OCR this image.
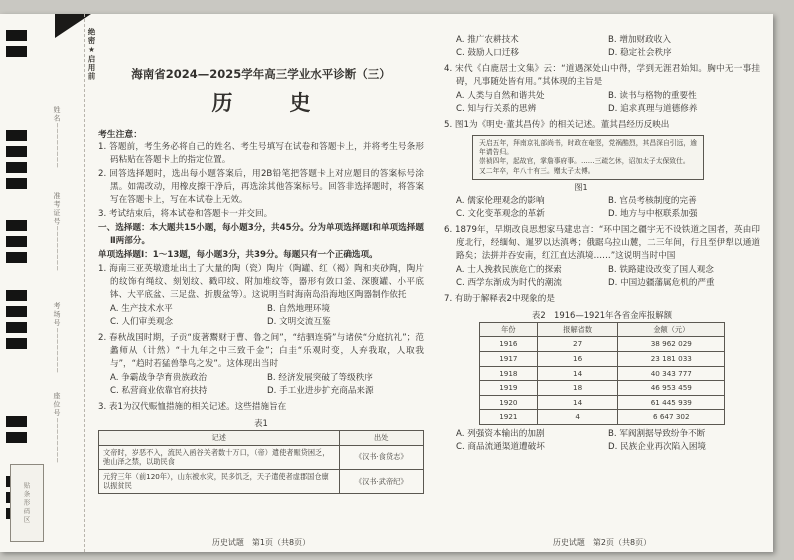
姓名 ────────
准考证号 ────────
考场号 ────────
座位号 ────────
贴条形码区
绝密★启用前	海南省2024—2025学年高三学业水平诊断（三）
历　史
考生注意：

1. 答题前，考生务必将自己的姓名、考生号填写在试卷和答题卡上，并将考生号条形码粘贴在答题卡上的指定位置。

2. 回答选择题时，选出每小题答案后，用2B铅笔把答题卡上对应题目的答案标号涂黑。如需改动，用橡皮擦干净后，再选涂其他答案标号。回答非选择题时，将答案写在答题卡上，写在本试卷上无效。

3. 考试结束后，将本试卷和答题卡一并交回。

一、选择题：本大题共15小题，每小题3分，共45分。分为单项选择题Ⅰ和单项选择题Ⅱ两部分。

单项选择题Ⅰ：1～13题，每小题3分，共39分。每题只有一个正确选项。

1. 海南三亚英墩遗址出土了大量的陶（瓷）陶片（陶罐、红（褐）陶和夹砂陶，陶片的纹饰有绳纹、刻划纹、戳印纹、附加堆纹等，器形有敛口釜、深腹罐、小平底钵、大平底盆、三足盘、折腹盆等）。这说明当时海南岛沿海地区陶器制作依托

A. 生产技术水平	B. 自然地理环境
C. 人们审美观念	D. 文明交流互鉴

2. 春秋战国时期，子贡“废著鬻财于曹、鲁之间”，“结驷连骑”与诸侯“分庭抗礼”；范蠡师从（计然）“十九年之中三致千金”；白圭“乐观时变，人弃我取，人取我与”，“趋时若猛兽挚鸟之发”。这体现出当时

A. 争霸战争孕育贵族政治	B. 经济发展突破了等级秩序
C. 私营商业依靠官府扶持	D. 手工业进步扩充商品来源

3. 表1为汉代赈恤措施的相关记述。这些措施旨在

表1
记述	出处
文帝时，岁恶不入，流民入函谷关者数十万口，（帝）遣使者赈贷困乏，弛山泽之禁，以助民食	《汉书·食货志》
元狩三年（前120年），山东被水灾，民多饥乏，天子遣使者虚郡国仓廪以振贫民	《汉书·武帝纪》
历史试题　第1页（共8页）
A. 推广农耕技术	B. 增加财政收入
C. 鼓励人口迁移	D. 稳定社会秩序

4. 宋代《白鹿居士文集》云：“道遇深处山中得，学到无涯君始知。胸中无一事挂碍，凡事随处皆有用。”其体现的主旨是

A. 人类与自然和谐共处	B. 读书与格物的重要性
C. 知与行关系的思辨	D. 追求真理与道德修养

5. 图1为《明史·董其昌传》的相关记述。董其昌经历反映出

天启五年，拜南京礼部尚书，时政在奄竖，党祸酷烈，其昌深自引远，逾年请告归。

崇祯四年，起故官，掌詹事府事。……三疏乞休，诏加太子太保致仕。

又二年卒，年八十有三。赠太子太傅。

图1
A. 儒家伦理观念的影响	B. 官员考核制度的完善
C. 文化变革观念的革新	D. 地方与中枢联系加强

6. 1879年，早期改良思想家马建忠言：“环中国之疆宇无不设铁道之国者，英由印度北行，经缅甸、暹罗以达滇粤；俄踞乌拉山麓，二三年间，行且至伊犁以通道路矣；法拼并吞安南，红江直达滇境……”这说明当时中国

A. 士人挽救民族危亡的探索	B. 铁路建设改变了国人观念
C. 西学东渐成为时代的潮流	D. 中国边疆藩属危机的严重

7. 有助于解释表2中现象的是

表2　1916—1921年各省金库报解额
年份	报解省数	金额（元）
1916	27	38 962 029
1917	16	23 181 033
1918	14	40 343 777
1919	18	46 953 459
1920	14	61 445 939
1921	4	6 647 302
A. 列强资本输出的加剧	B. 军阀割据导致纷争不断
C. 商品流通渠道遭破坏	D. 民族企业再次陷入困境
历史试题　第2页（共8页）
